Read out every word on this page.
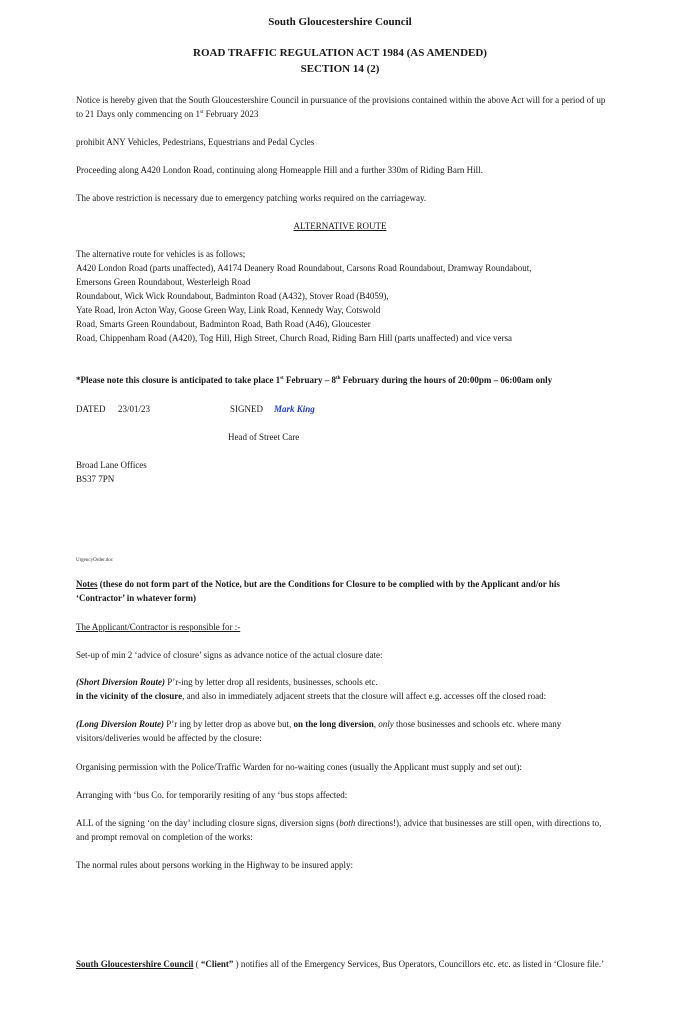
South Gloucestershire Council

ROAD TRAFFIC REGULATION ACT 1984 (AS AMENDED)

SECTION 14 (2)

Notice is hereby given that the South Gloucestershire Council in pursuance of the provisions contained within the above Act will for a period of up to 21 Days only commencing on 1st February 2023

prohibit ANY Vehicles, Pedestrians, Equestrians and Pedal Cycles

Proceeding along A420 London Road, continuing along Homeapple Hill and a further 330m of Riding Barn Hill.

The above restriction is necessary due to emergency patching works required on the carriageway.

ALTERNATIVE ROUTE

The alternative route for vehicles is as follows;
A420 London Road (parts unaffected), A4174 Deanery Road Roundabout, Carsons Road Roundabout, Dramway Roundabout,
Emersons Green Roundabout, Westerleigh Road
Roundabout, Wick Wick Roundabout, Badminton Road (A432), Stover Road (B4059),
Yate Road, Iron Acton Way, Goose Green Way, Link Road, Kennedy Way, Cotswold
Road, Smarts Green Roundabout, Badminton Road, Bath Road (A46), Gloucester
Road, Chippenham Road (A420), Tog Hill, High Street, Church Road, Riding Barn Hill (parts unaffected) and vice versa

*Please note this closure is anticipated to take place 1st February – 8th February during the hours of 20:00pm – 06:00am only

DATED 23/01/23	SIGNED Mark King

Head of Street Care

Broad Lane Offices
BS37 7PN

UrgencyOrder.doc

Notes (these do not form part of the Notice, but are the Conditions for Closure to be complied with by the Applicant and/or his ‘Contractor’ in whatever form)

The Applicant/Contractor is responsible for :-

Set-up of min 2 ‘advice of closure’ signs as advance notice of the actual closure date:

(Short Diversion Route) P’r-ing by letter drop all residents, businesses, schools etc.
in the vicinity of the closure, and also in immediately adjacent streets that the closure will affect e.g. accesses off the closed road:

(Long Diversion Route) P’r ing by letter drop as above but, on the long diversion, only those businesses and schools etc. where many visitors/deliveries would be affected by the closure:

Organising permission with the Police/Traffic Warden for no-waiting cones (usually the Applicant must supply and set out):

Arranging with ‘bus Co. for temporarily resiting of any ‘bus stops affected:

ALL of the signing ‘on the day’ including closure signs, diversion signs (both directions!), advice that businesses are still open, with directions to, and prompt removal on completion of the works:

The normal rules about persons working in the Highway to be insured apply:

South Gloucestershire Council ( “Client” ) notifies all of the Emergency Services, Bus Operators, Councillors etc. etc. as listed in ‘Closure file.’
